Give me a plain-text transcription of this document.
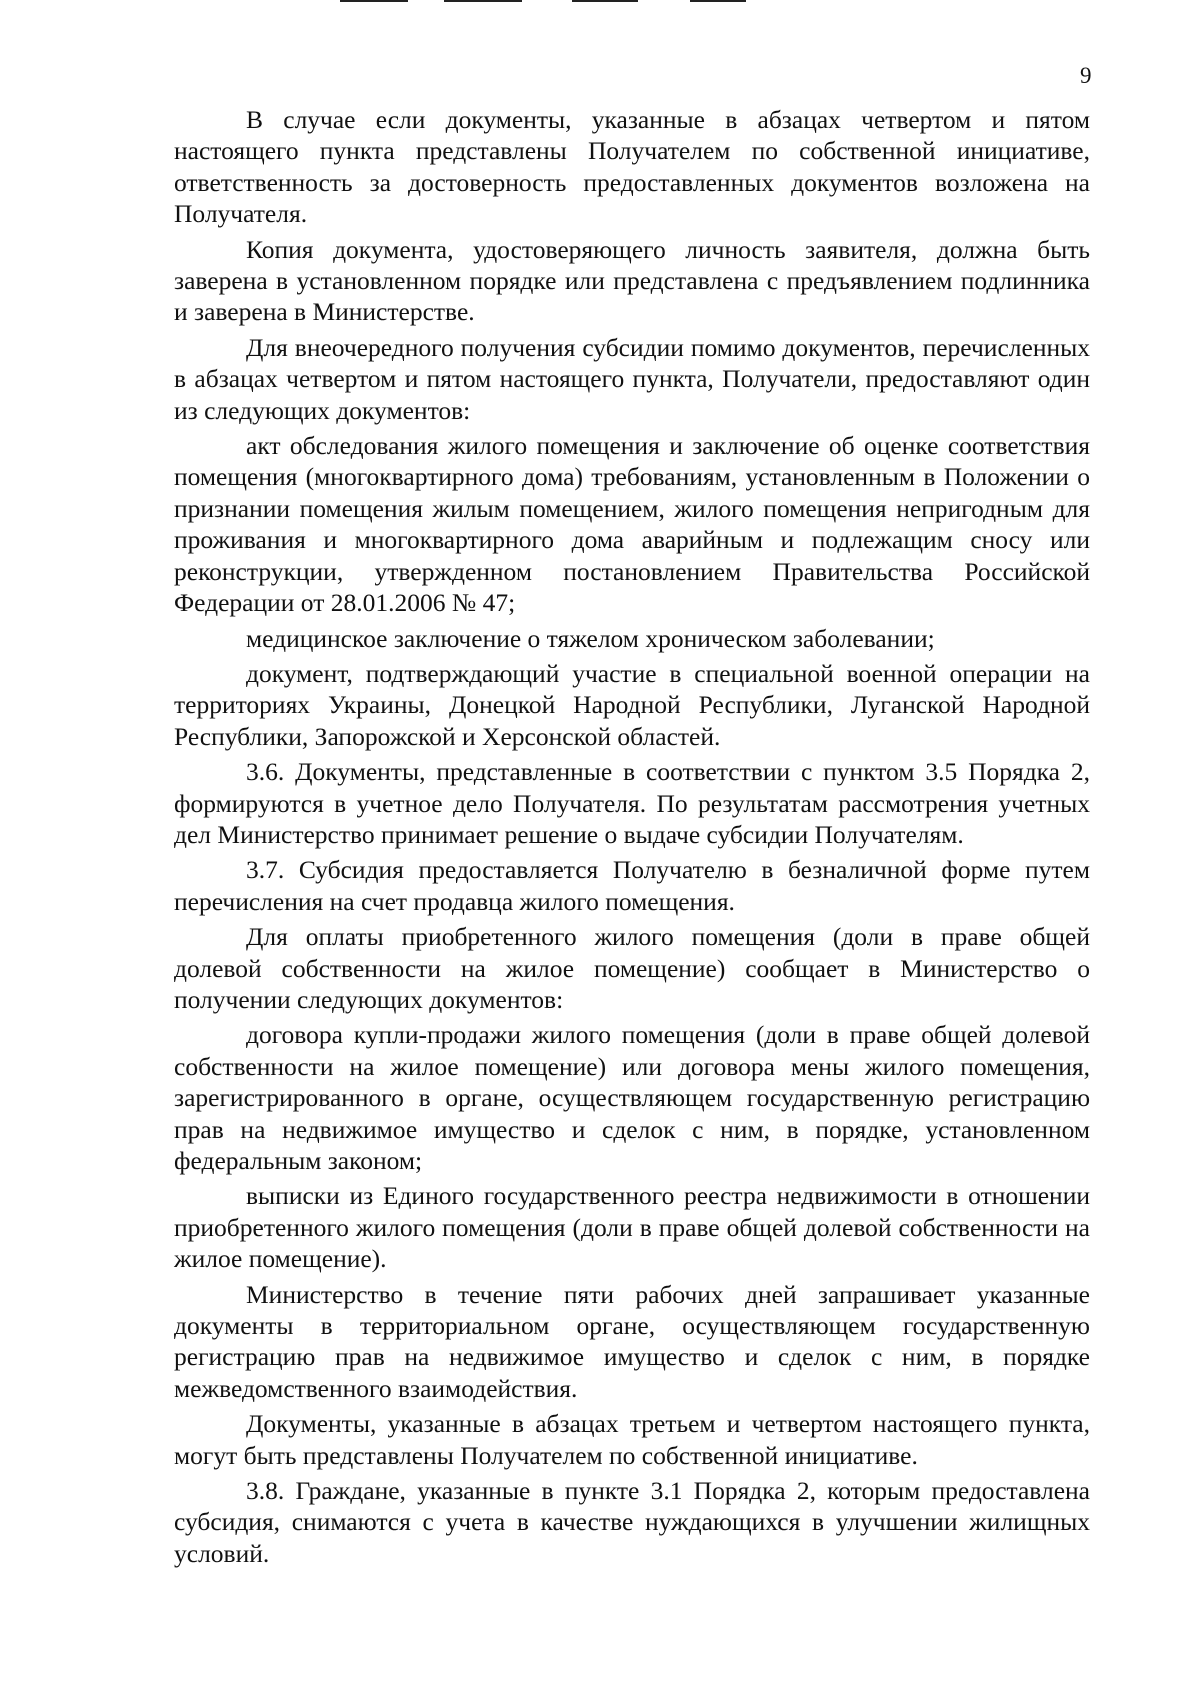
9

В случае если документы, указанные в абзацах четвертом и пятом настоящего пункта представлены Получателем по собственной инициативе, ответственность за достоверность предоставленных документов возложена на Получателя.

Копия документа, удостоверяющего личность заявителя, должна быть заверена в установленном порядке или представлена с предъявлением подлинника и заверена в Министерстве.

Для внеочередного получения субсидии помимо документов, перечисленных в абзацах четвертом и пятом настоящего пункта, Получатели, предоставляют один из следующих документов:

акт обследования жилого помещения и заключение об оценке соответствия помещения (многоквартирного дома) требованиям, установленным в Положении о признании помещения жилым помещением, жилого помещения непригодным для проживания и многоквартирного дома аварийным и подлежащим сносу или реконструкции, утвержденном постановлением Правительства Российской Федерации от 28.01.2006 № 47;

медицинское заключение о тяжелом хроническом заболевании;

документ, подтверждающий участие в специальной военной операции на территориях Украины, Донецкой Народной Республики, Луганской Народной Республики, Запорожской и Херсонской областей.

3.6. Документы, представленные в соответствии с пунктом 3.5 Порядка 2, формируются в учетное дело Получателя. По результатам рассмотрения учетных дел Министерство принимает решение о выдаче субсидии Получателям.

3.7. Субсидия предоставляется Получателю в безналичной форме путем перечисления на счет продавца жилого помещения.

Для оплаты приобретенного жилого помещения (доли в праве общей долевой собственности на жилое помещение) сообщает в Министерство о получении следующих документов:

договора купли-продажи жилого помещения (доли в праве общей долевой собственности на жилое помещение) или договора мены жилого помещения, зарегистрированного в органе, осуществляющем государственную регистрацию прав на недвижимое имущество и сделок с ним, в порядке, установленном федеральным законом;

выписки из Единого государственного реестра недвижимости в отношении приобретенного жилого помещения (доли в праве общей долевой собственности на жилое помещение).

Министерство в течение пяти рабочих дней запрашивает указанные документы в территориальном органе, осуществляющем государственную регистрацию прав на недвижимое имущество и сделок с ним, в порядке межведомственного взаимодействия.

Документы, указанные в абзацах третьем и четвертом настоящего пункта, могут быть представлены Получателем по собственной инициативе.

3.8. Граждане, указанные в пункте 3.1 Порядка 2, которым предоставлена субсидия, снимаются с учета в качестве нуждающихся в улучшении жилищных условий.
